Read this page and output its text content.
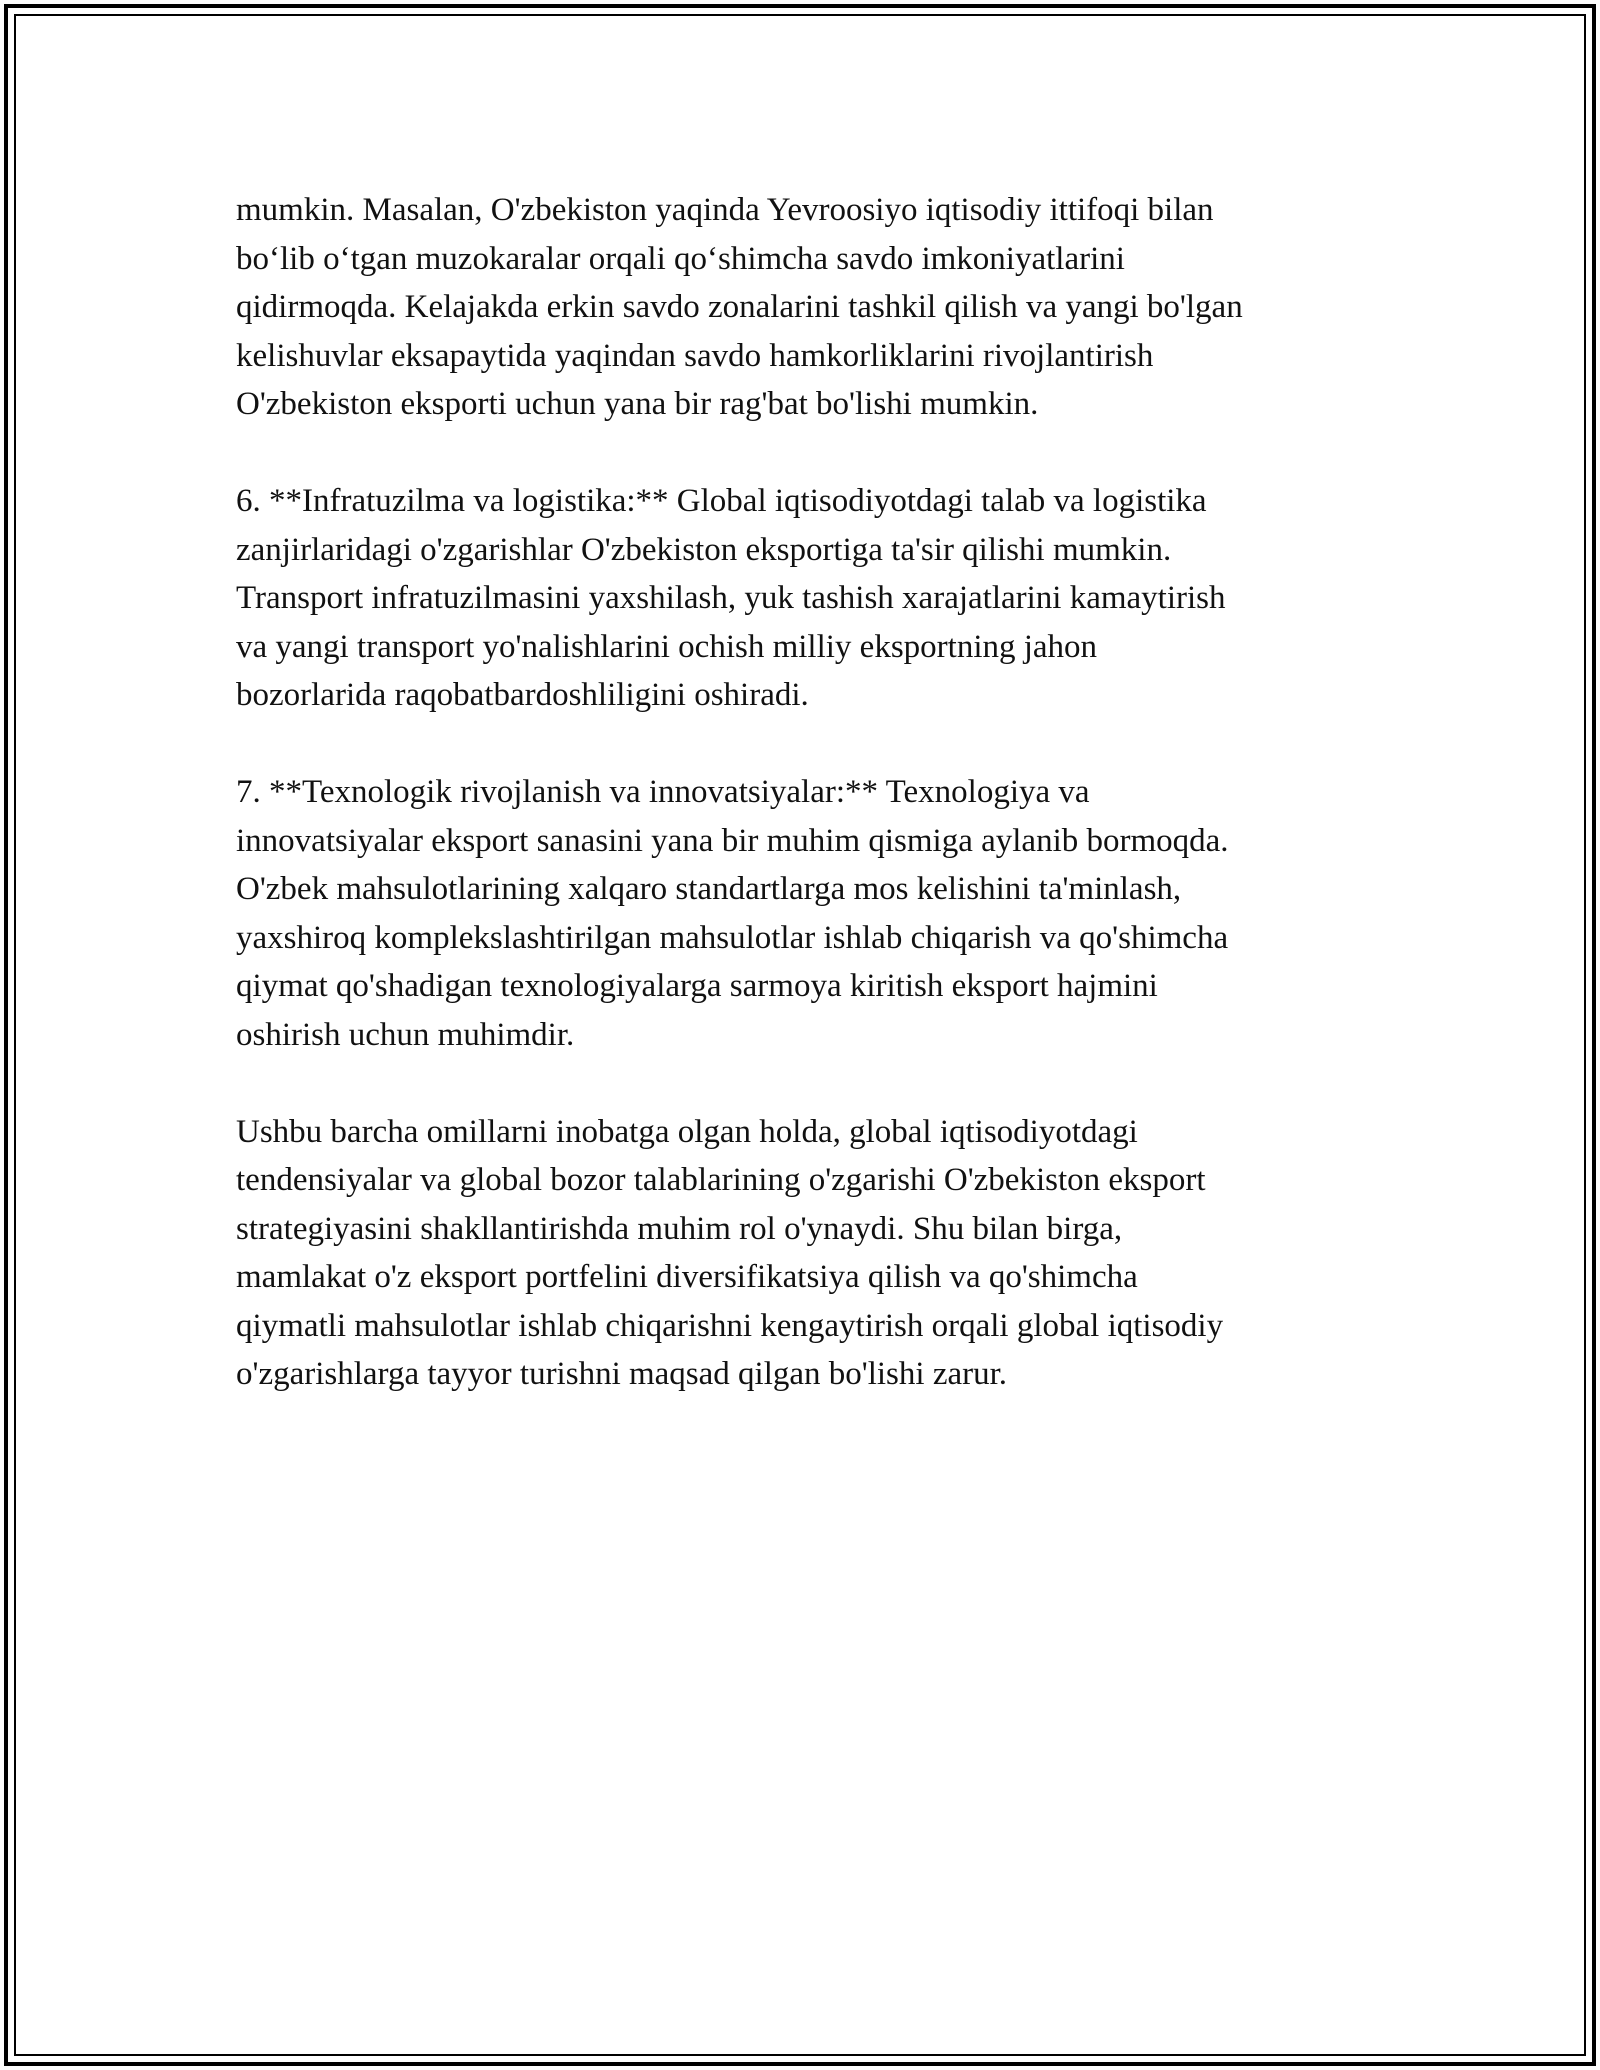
mumkin. Masalan, O'zbekiston yaqinda Yevroosiyo iqtisodiy ittifoqi bilan
bo‘lib o‘tgan muzokaralar orqali qo‘shimcha savdo imkoniyatlarini
qidirmoqda. Kelajakda erkin savdo zonalarini tashkil qilish va yangi bo'lgan
kelishuvlar eksapaytida yaqindan savdo hamkorliklarini rivojlantirish
O'zbekiston eksporti uchun yana bir rag'bat bo'lishi mumkin.

6. **Infratuzilma va logistika:** Global iqtisodiyotdagi talab va logistika
zanjirlaridagi o'zgarishlar O'zbekiston eksportiga ta'sir qilishi mumkin.
Transport infratuzilmasini yaxshilash, yuk tashish xarajatlarini kamaytirish
va yangi transport yo'nalishlarini ochish milliy eksportning jahon
bozorlarida raqobatbardoshliligini oshiradi.

7. **Texnologik rivojlanish va innovatsiyalar:** Texnologiya va
innovatsiyalar eksport sanasini yana bir muhim qismiga aylanib bormoqda.
O'zbek mahsulotlarining xalqaro standartlarga mos kelishini ta'minlash,
yaxshiroq komplekslashtirilgan mahsulotlar ishlab chiqarish va qo'shimcha
qiymat qo'shadigan texnologiyalarga sarmoya kiritish eksport hajmini
oshirish uchun muhimdir.

Ushbu barcha omillarni inobatga olgan holda, global iqtisodiyotdagi
tendensiyalar va global bozor talablarining o'zgarishi O'zbekiston eksport
strategiyasini shakllantirishda muhim rol o'ynaydi. Shu bilan birga,
mamlakat o'z eksport portfelini diversifikatsiya qilish va qo'shimcha
qiymatli mahsulotlar ishlab chiqarishni kengaytirish orqali global iqtisodiy
o'zgarishlarga tayyor turishni maqsad qilgan bo'lishi zarur.
